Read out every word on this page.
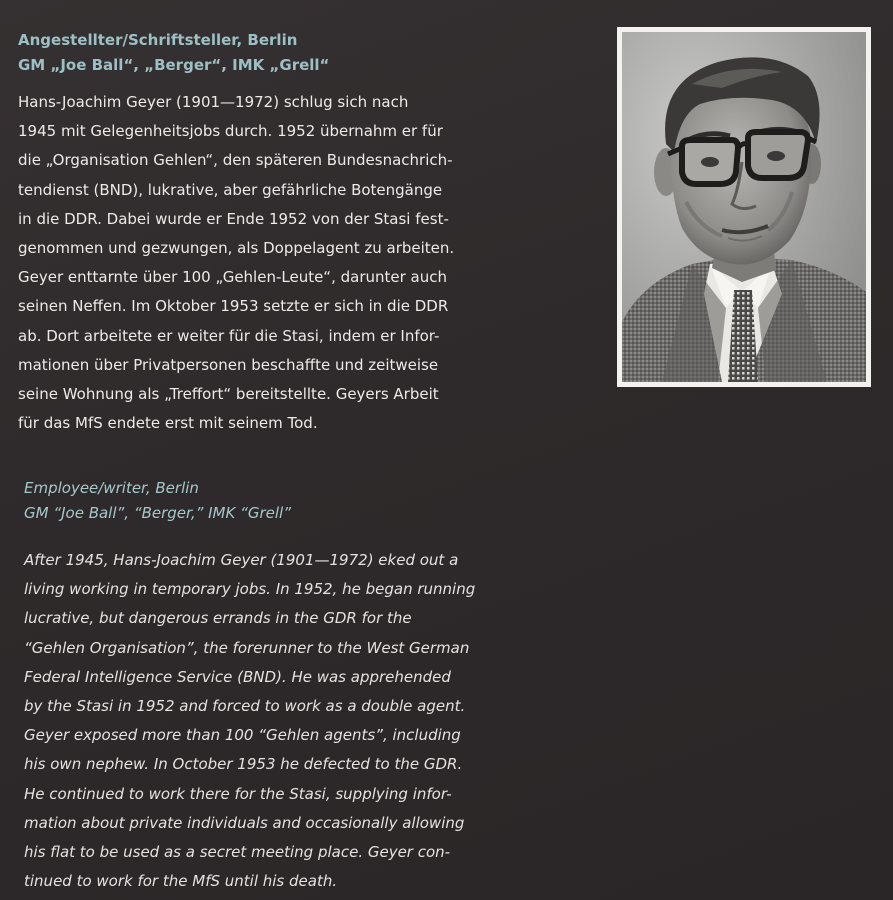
Angestellter/Schriftsteller, Berlin

GM „Joe Ball“, „Berger“, IMK „Grell“

Hans-Joachim Geyer (1901—1972) schlug sich nach
1945 mit Gelegenheitsjobs durch. 1952 übernahm er für
die „Organisation Gehlen“, den späteren Bundesnachrich-
tendienst (BND), lukrative, aber gefährliche Botengänge
in die DDR. Dabei wurde er Ende 1952 von der Stasi fest-
genommen und gezwungen, als Doppelagent zu arbeiten.
Geyer enttarnte über 100 „Gehlen-Leute“, darunter auch
seinen Neffen. Im Oktober 1953 setzte er sich in die DDR
ab. Dort arbeitete er weiter für die Stasi, indem er Infor-
mationen über Privatpersonen beschaffte und zeitweise
seine Wohnung als „Treffort“ bereitstellte. Geyers Arbeit
für das MfS endete erst mit seinem Tod.

Employee/writer, Berlin

GM “Joe Ball”, “Berger,” IMK “Grell”

After 1945, Hans-Joachim Geyer (1901—1972) eked out a
living working in temporary jobs. In 1952, he began running
lucrative, but dangerous errands in the GDR for the
“Gehlen Organisation”, the forerunner to the West German
Federal Intelligence Service (BND). He was apprehended
by the Stasi in 1952 and forced to work as a double agent.
Geyer exposed more than 100 “Gehlen agents”, including
his own nephew. In October 1953 he defected to the GDR.
He continued to work there for the Stasi, supplying infor-
mation about private individuals and occasionally allowing
his flat to be used as a secret meeting place. Geyer con-
tinued to work for the MfS until his death.
